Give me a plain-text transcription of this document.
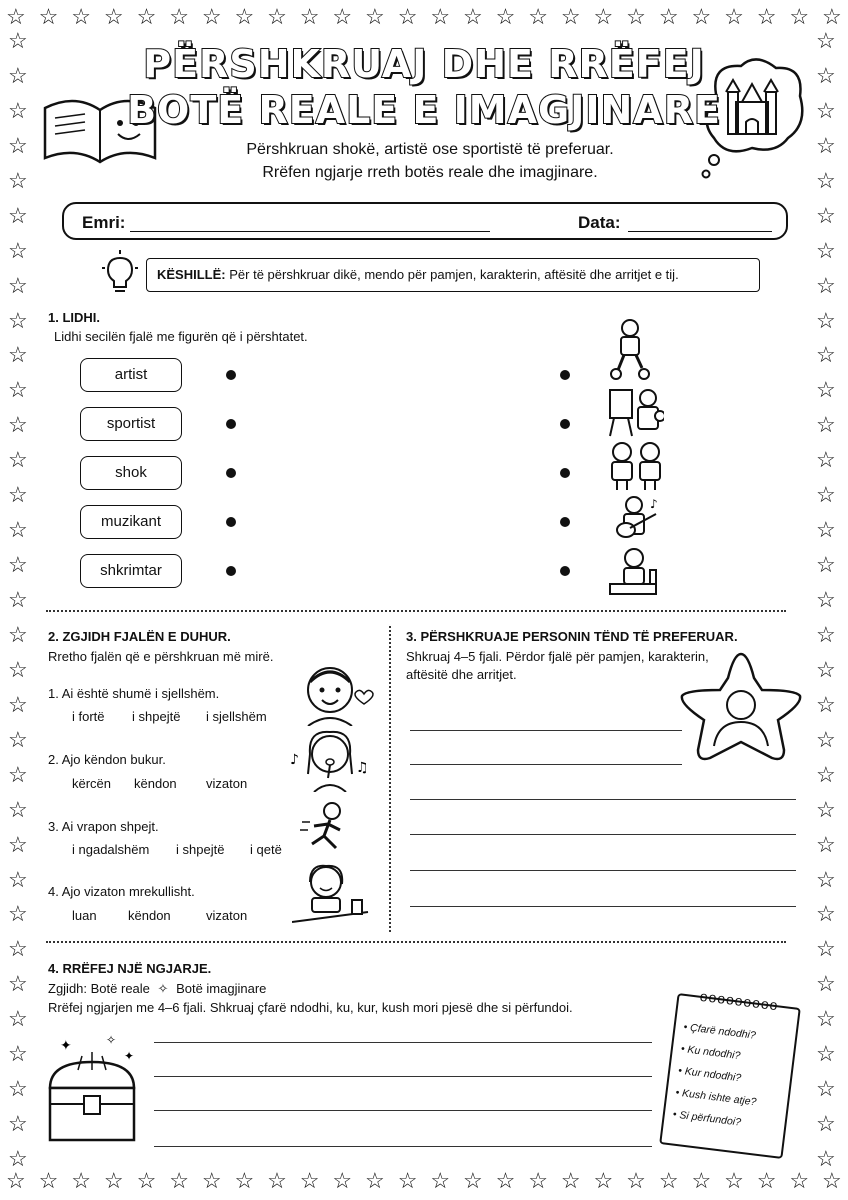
☆ ☆ ☆ ☆ ☆ ☆ ☆ ☆ ☆ ☆ ☆ ☆ ☆ ☆ ☆ ☆ ☆ ☆ ☆ ☆ ☆ ☆ ☆ ☆ ☆ ☆
☆ ☆ ☆ ☆ ☆ ☆ ☆ ☆ ☆ ☆ ☆ ☆ ☆ ☆ ☆ ☆ ☆ ☆ ☆ ☆ ☆ ☆ ☆ ☆ ☆ ☆
☆
☆
☆
☆
☆
☆
☆
☆
☆
☆
☆
☆
☆
☆
☆
☆
☆
☆
☆
☆
☆
☆
☆
☆
☆
☆
☆
☆
☆
☆
☆
☆
☆
☆
☆
☆
☆
☆
☆
☆
☆
☆
☆
☆
☆
☆
☆
☆
☆
☆
☆
☆
☆
☆
☆
☆
☆
☆
☆
☆
☆
☆
☆
☆
☆
☆
PËRSHKRUAJ DHE RRËFEJ
BOTË REALE E IMAGJINARE
Përshkruan shokë, artistë ose sportistë të preferuar.
Rrëfen ngjarje rreth botës reale dhe imagjinare.
Emri:	Data:
KËSHILLË: Për të përshkruar dikë, mendo për pamjen, karakterin, aftësitë dhe arritjet e tij.
1. LIDHI.
Lidhi secilën fjalë me figurën që i përshtatet.
artist
sportist
shok
muzikant
shkrimtar
♪
2. ZGJIDH FJALËN E DUHUR.
Rretho fjalën që e përshkruan më mirë.
1. Ai është shumë i sjellshëm.
i fortë i shpejtë i sjellshëm
2. Ajo këndon bukur.
kërcën këndon vizaton
3. Ai vrapon shpejt.
i ngadalshëm i shpejtë i qetë
4. Ajo vizaton mrekullisht.
luan këndon	vizaton
♪	♫
3. PËRSHKRUAJE PERSONIN TËND TË PREFERUAR.
Shkruaj 4–5 fjali. Përdor fjalë për pamjen, karakterin,
aftësitë dhe arritjet.
4. RRËFEJ NJË NGJARJE.
Zgjidh: Botë reale ✧ Botë imagjinare
Rrëfej ngjarjen me 4–6 fjali. Shkruaj çfarë ndodhi, ku, kur, kush mori pjesë dhe si përfundoi.
✦	✧
✦
ooooooooo
• Çfarë ndodhi?
• Ku ndodhi?
• Kur ndodhi?
• Kush ishte atje?
• Si përfundoi?
